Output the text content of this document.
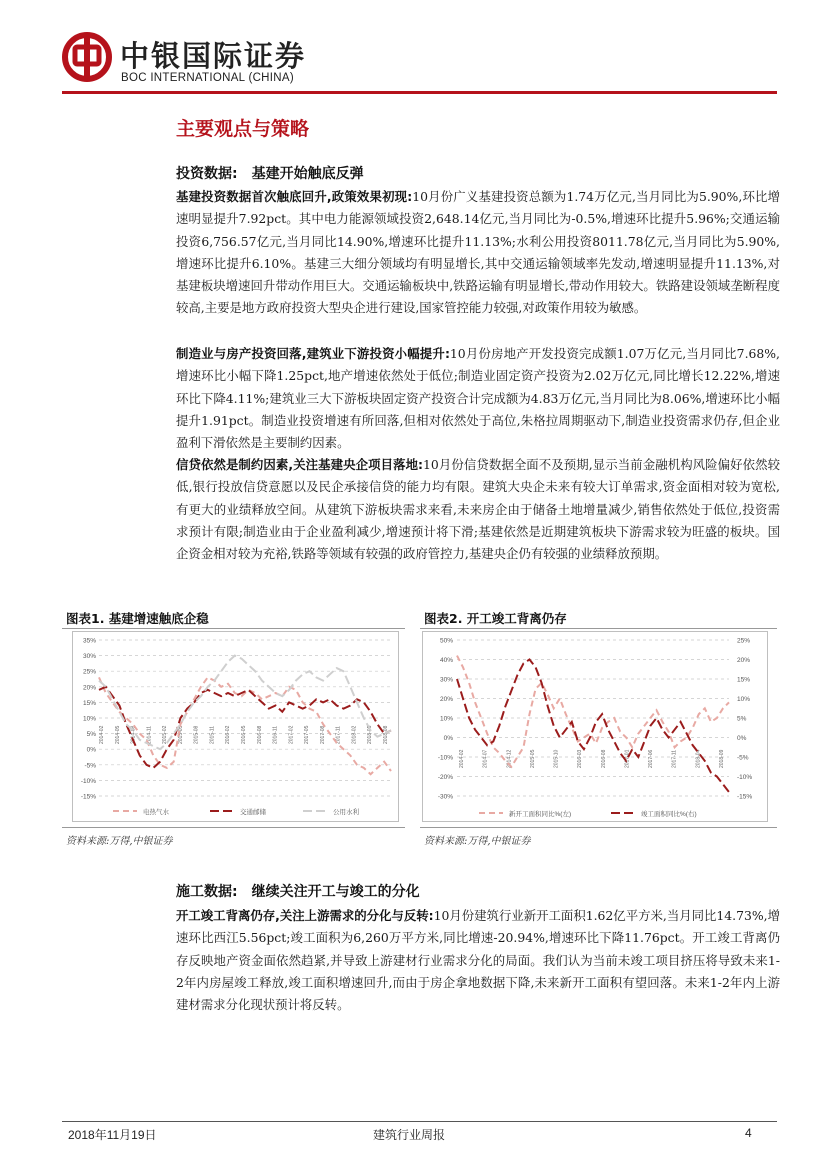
中银国际证券
BOC INTERNATIONAL (CHINA)
主要观点与策略
投资数据: 基建开始触底反弹
基建投资数据首次触底回升,政策效果初现:10月份广义基建投资总额为1.74万亿元,当月同比为5.90%,环比增速明显提升7.92pct。其中电力能源领域投资2,648.14亿元,当月同比为-0.5%,增速环比提升5.96%;交通运输投资6,756.57亿元,当月同比14.90%,增速环比提升11.13%;水利公用投资8011.78亿元,当月同比为5.90%,增速环比提升6.10%。基建三大细分领域均有明显增长,其中交通运输领域率先发动,增速明显提升11.13%,对基建板块增速回升带动作用巨大。交通运输板块中,铁路运输有明显增长,带动作用较大。铁路建设领域垄断程度较高,主要是地方政府投资大型央企进行建设,国家管控能力较强,对政策作用较为敏感。
制造业与房产投资回落,建筑业下游投资小幅提升:10月份房地产开发投资完成额1.07万亿元,当月同比7.68%,增速环比小幅下降1.25pct,地产增速依然处于低位;制造业固定资产投资为2.02万亿元,同比增长12.22%,增速环比下降4.11%;建筑业三大下游板块固定资产投资合计完成额为4.83万亿元,当月同比为8.06%,增速环比小幅提升1.91pct。制造业投资增速有所回落,但相对依然处于高位,朱格拉周期驱动下,制造业投资需求仍存,但企业盈利下滑依然是主要制约因素。
信贷依然是制约因素,关注基建央企项目落地:10月份信贷数据全面不及预期,显示当前金融机构风险偏好依然较低,银行投放信贷意愿以及民企承接信贷的能力均有限。建筑大央企未来有较大订单需求,资金面相对较为宽松,有更大的业绩释放空间。从建筑下游板块需求来看,未来房企由于储备土地增量减少,销售依然处于低位,投资需求预计有限;制造业由于企业盈利减少,增速预计将下滑;基建依然是近期建筑板块下游需求较为旺盛的板块。国企资金相对较为充裕,铁路等领域有较强的政府管控力,基建央企仍有较强的业绩释放预期。
图表1. 基建增速触底企稳
35%
30%
25%
20%
15%
10%
5%
0%
-5%
-10%
-15%
2014-02 2014-05 2014-08 2014-11 2015-02 2015-05 2015-08 2015-11 2016-02 2016-05 2016-08 2016-11 2017-02 2017-05 2017-08 2017-11 2018-02 2018-05 2018-08
电热气水	交通邮储	公用水利
资料来源:万得,中银证券
图表2. 开工竣工背离仍存
50%
40%
30%
20%
10%
0%
-10%
-20%
-30%
25%
20%
15%
10%
5%
0%
-5%
-10%
-15%
2014-02	2014-07	2014-12	2015-05	2015-10	2016-03	2016-08	2017-01	2017-06	2017-11	2018-04	2018-09
新开工面积同比%(左)	竣工面积同比%(右)
资料来源:万得,中银证券
施工数据: 继续关注开工与竣工的分化
开工竣工背离仍存,关注上游需求的分化与反转:10月份建筑行业新开工面积1.62亿平方米,当月同比14.73%,增速环比西江5.56pct;竣工面积为6,260万平方米,同比增速-20.94%,增速环比下降11.76pct。开工竣工背离仍存反映地产资金面依然趋紧,并导致上游建材行业需求分化的局面。我们认为当前未竣工项目挤压将导致未来1-2年内房屋竣工释放,竣工面积增速回升,而由于房企拿地数据下降,未来新开工面积有望回落。未来1-2年内上游建材需求分化现状预计将反转。
2018年11月19日	建筑行业周报	4
